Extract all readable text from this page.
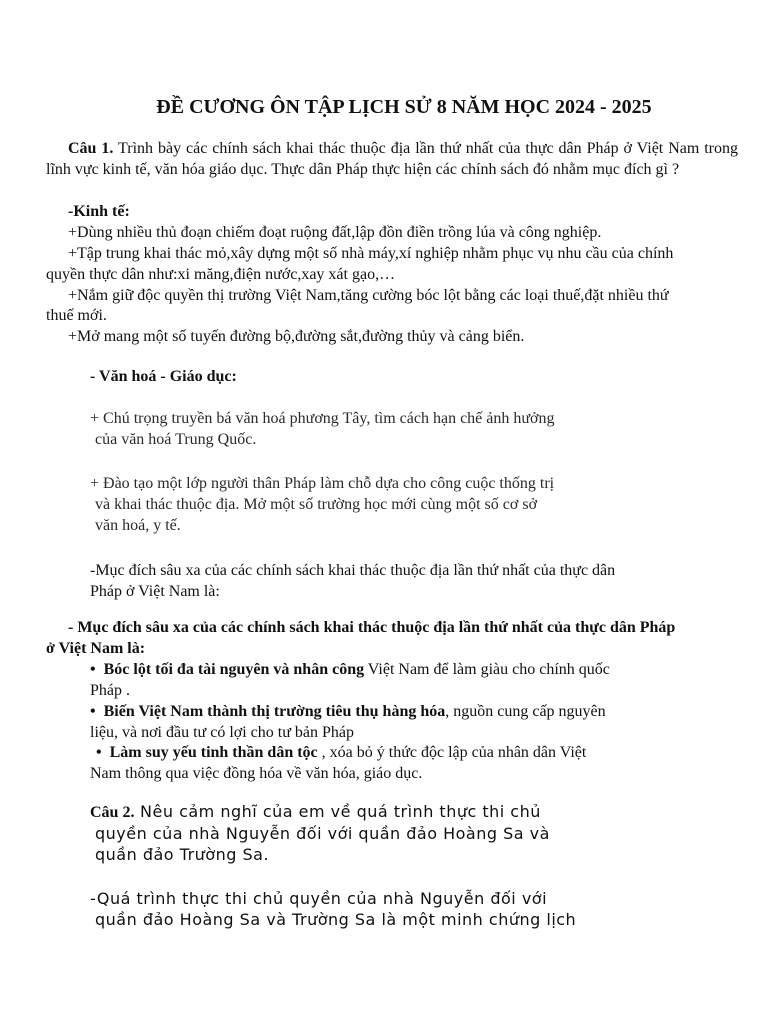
ĐỀ CƯƠNG ÔN TẬP LỊCH SỬ 8 NĂM HỌC 2024 - 2025
Câu 1. Trình bày các chính sách khai thác thuộc địa lần thứ nhất của thực dân Pháp ở Việt Nam trong lĩnh vực kinh tế, văn hóa giáo dục. Thực dân Pháp thực hiện các chính sách đó nhằm mục đích gì ?
-Kinh tế:
+Dùng nhiều thủ đoạn chiếm đoạt ruộng đất,lập đồn điền trồng lúa và công nghiệp.
+Tập trung khai thác mỏ,xây dựng một số nhà máy,xí nghiệp nhằm phục vụ nhu cầu của chính
quyền thực dân như:xi măng,điện nước,xay xát gạo,…
+Nắm giữ độc quyền thị trường Việt Nam,tăng cường bóc lột bằng các loại thuế,đặt nhiều thứ
thuế mới.
+Mở mang một số tuyến đường bộ,đường sắt,đường thủy và cảng biển.
- Văn hoá - Giáo dục:
+ Chú trọng truyền bá văn hoá phương Tây, tìm cách hạn chế ảnh hưởng
của văn hoá Trung Quốc.
+ Đào tạo một lớp người thân Pháp làm chỗ dựa cho công cuộc thống trị
và khai thác thuộc địa. Mở một số trường học mới cùng một số cơ sở
văn hoá, y tế.
-Mục đích sâu xa của các chính sách khai thác thuộc địa lần thứ nhất của thực dân
Pháp ở Việt Nam là:
- Mục đích sâu xa của các chính sách khai thác thuộc địa lần thứ nhất của thực dân Pháp
ở Việt Nam là:
• Bóc lột tối đa tài nguyên và nhân công Việt Nam để làm giàu cho chính quốc
Pháp .
• Biến Việt Nam thành thị trường tiêu thụ hàng hóa, nguồn cung cấp nguyên
liệu, và nơi đầu tư có lợi cho tư bản Pháp
• Làm suy yếu tinh thần dân tộc , xóa bỏ ý thức độc lập của nhân dân Việt
Nam thông qua việc đồng hóa về văn hóa, giáo dục.
Câu 2. Nêu cảm nghĩ của em về quá trình thực thi chủ
quyền của nhà Nguyễn đối với quần đảo Hoàng Sa và
quần đảo Trường Sa.
-Quá trình thực thi chủ quyền của nhà Nguyễn đối với
quần đảo Hoàng Sa và Trường Sa là một minh chứng lịch
